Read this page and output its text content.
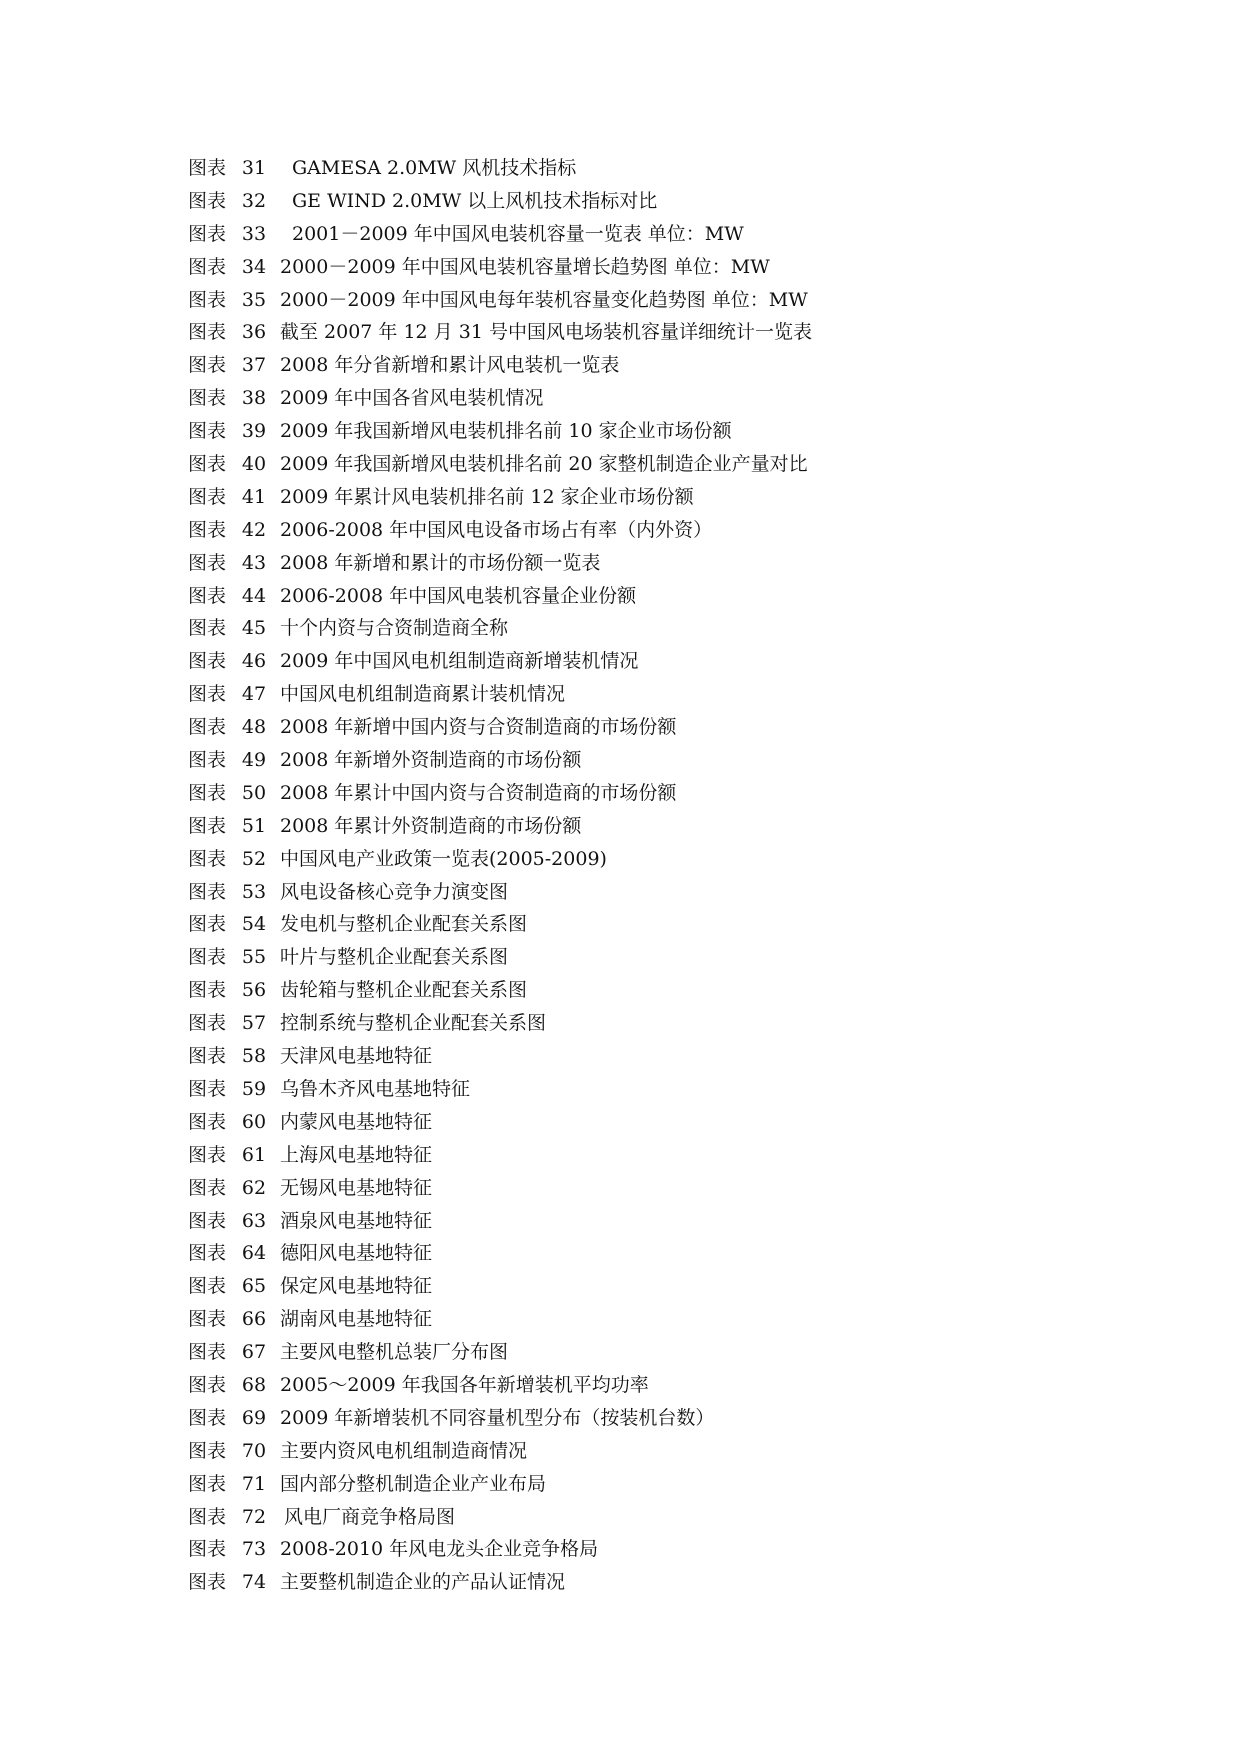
图表 31	GAMESA 2.0MW 风机技术指标
图表 32	GE WIND 2.0MW 以上风机技术指标对比
图表 33	2001－2009 年中国风电装机容量一览表 单位：MW
图表 34 2000－2009 年中国风电装机容量增长趋势图 单位：MW
图表 35 2000－2009 年中国风电每年装机容量变化趋势图 单位：MW
图表 36 截至 2007 年 12 月 31 号中国风电场装机容量详细统计一览表
图表 37 2008 年分省新增和累计风电装机一览表
图表 38 2009 年中国各省风电装机情况
图表 39 2009 年我国新增风电装机排名前 10 家企业市场份额
图表 40 2009 年我国新增风电装机排名前 20 家整机制造企业产量对比
图表 41 2009 年累计风电装机排名前 12 家企业市场份额
图表 42 2006-2008 年中国风电设备市场占有率（内外资）
图表 43 2008 年新增和累计的市场份额一览表
图表 44 2006-2008 年中国风电装机容量企业份额
图表 45 十个内资与合资制造商全称
图表 46 2009 年中国风电机组制造商新增装机情况
图表 47 中国风电机组制造商累计装机情况
图表 48 2008 年新增中国内资与合资制造商的市场份额
图表 49 2008 年新增外资制造商的市场份额
图表 50 2008 年累计中国内资与合资制造商的市场份额
图表 51 2008 年累计外资制造商的市场份额
图表 52 中国风电产业政策一览表(2005-2009)
图表 53 风电设备核心竞争力演变图
图表 54 发电机与整机企业配套关系图
图表 55 叶片与整机企业配套关系图
图表 56 齿轮箱与整机企业配套关系图
图表 57 控制系统与整机企业配套关系图
图表 58 天津风电基地特征
图表 59 乌鲁木齐风电基地特征
图表 60 内蒙风电基地特征
图表 61 上海风电基地特征
图表 62 无锡风电基地特征
图表 63 酒泉风电基地特征
图表 64 德阳风电基地特征
图表 65 保定风电基地特征
图表 66 湖南风电基地特征
图表 67 主要风电整机总装厂分布图
图表 68 2005～2009 年我国各年新增装机平均功率
图表 69 2009 年新增装机不同容量机型分布（按装机台数）
图表 70 主要内资风电机组制造商情况
图表 71 国内部分整机制造企业产业布局
图表 72 风电厂商竞争格局图
图表 73 2008-2010 年风电龙头企业竞争格局
图表 74 主要整机制造企业的产品认证情况
